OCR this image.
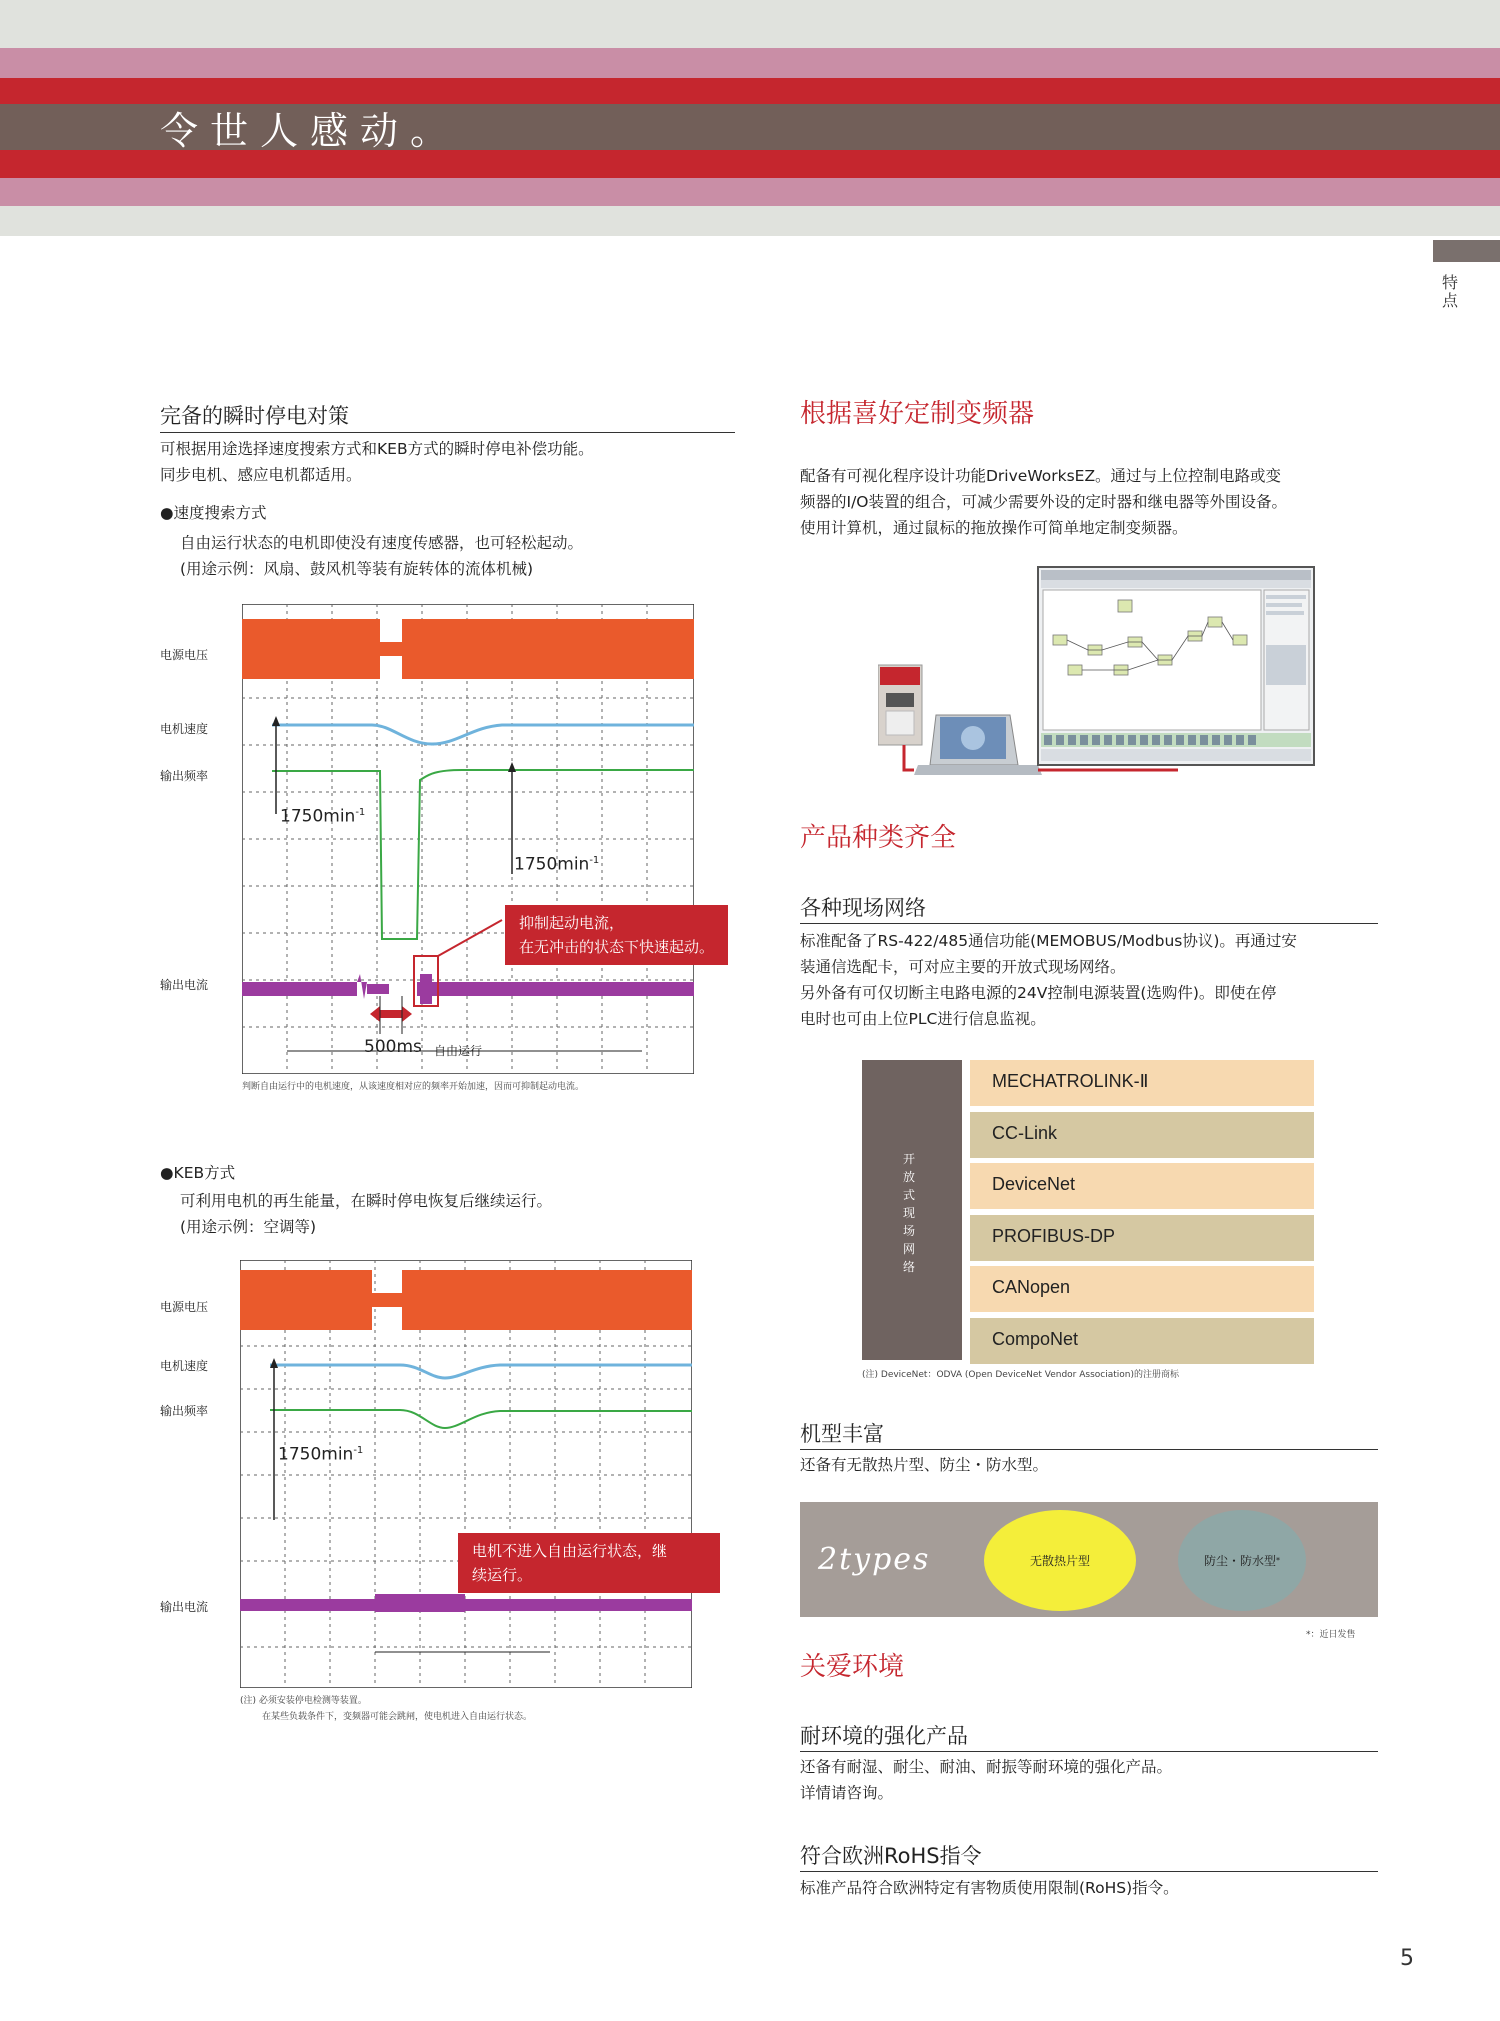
令世人感动。
特点
完备的瞬时停电对策
可根据用途选择速度搜索方式和KEB方式的瞬时停电补偿功能。
同步电机、感应电机都适用。
●速度搜索方式
自由运行状态的电机即使没有速度传感器，也可轻松起动。
(用途示例：风扇、鼓风机等装有旋转体的流体机械)
电源电压
电机速度
输出频率
输出电流
$1750\min^{-1}$
$1750\min^{-1}$
抑制起动电流，
在无冲击的状态下快速起动。
500ms 自由运行
判断自由运行中的电机速度，从该速度相对应的频率开始加速，因而可抑制起动电流。
●KEB方式
可利用电机的再生能量，在瞬时停电恢复后继续运行。
(用途示例：空调等)
电源电压
电机速度
输出频率
输出电流
$1750\min^{-1}$
电机不进入自由运行状态，继
续运行。
(注) 必须安装停电检测等装置。
在某些负载条件下，变频器可能会跳闸，使电机进入自由运行状态。
根据喜好定制变频器
配备有可视化程序设计功能DriveWorksEZ。通过与上位控制电路或变
频器的I/O装置的组合，可减少需要外设的定时器和继电器等外围设备。
使用计算机，通过鼠标的拖放操作可简单地定制变频器。
产品种类齐全
各种现场网络
标准配备了RS-422/485通信功能(MEMOBUS/Modbus协议)。再通过安
装通信选配卡，可对应主要的开放式现场网络。
另外备有可仅切断主电路电源的24V控制电源装置(选购件)。即使在停
电时也可由上位PLC进行信息监视。
开放式现场网络
MECHATROLINK-Ⅱ
CC-Link
DeviceNet
PROFIBUS-DP
CANopen
CompoNet
(注) DeviceNet：ODVA (Open DeviceNet Vendor Association)的注册商标
机型丰富
还备有无散热片型、防尘・防水型。
2types	无散热片型	防尘・防水型 *
*：近日发售
关爱环境
耐环境的强化产品
还备有耐湿、耐尘、耐油、耐振等耐环境的强化产品。
详情请咨询。
符合欧洲RoHS指令
标准产品符合欧洲特定有害物质使用限制(RoHS)指令。
5
